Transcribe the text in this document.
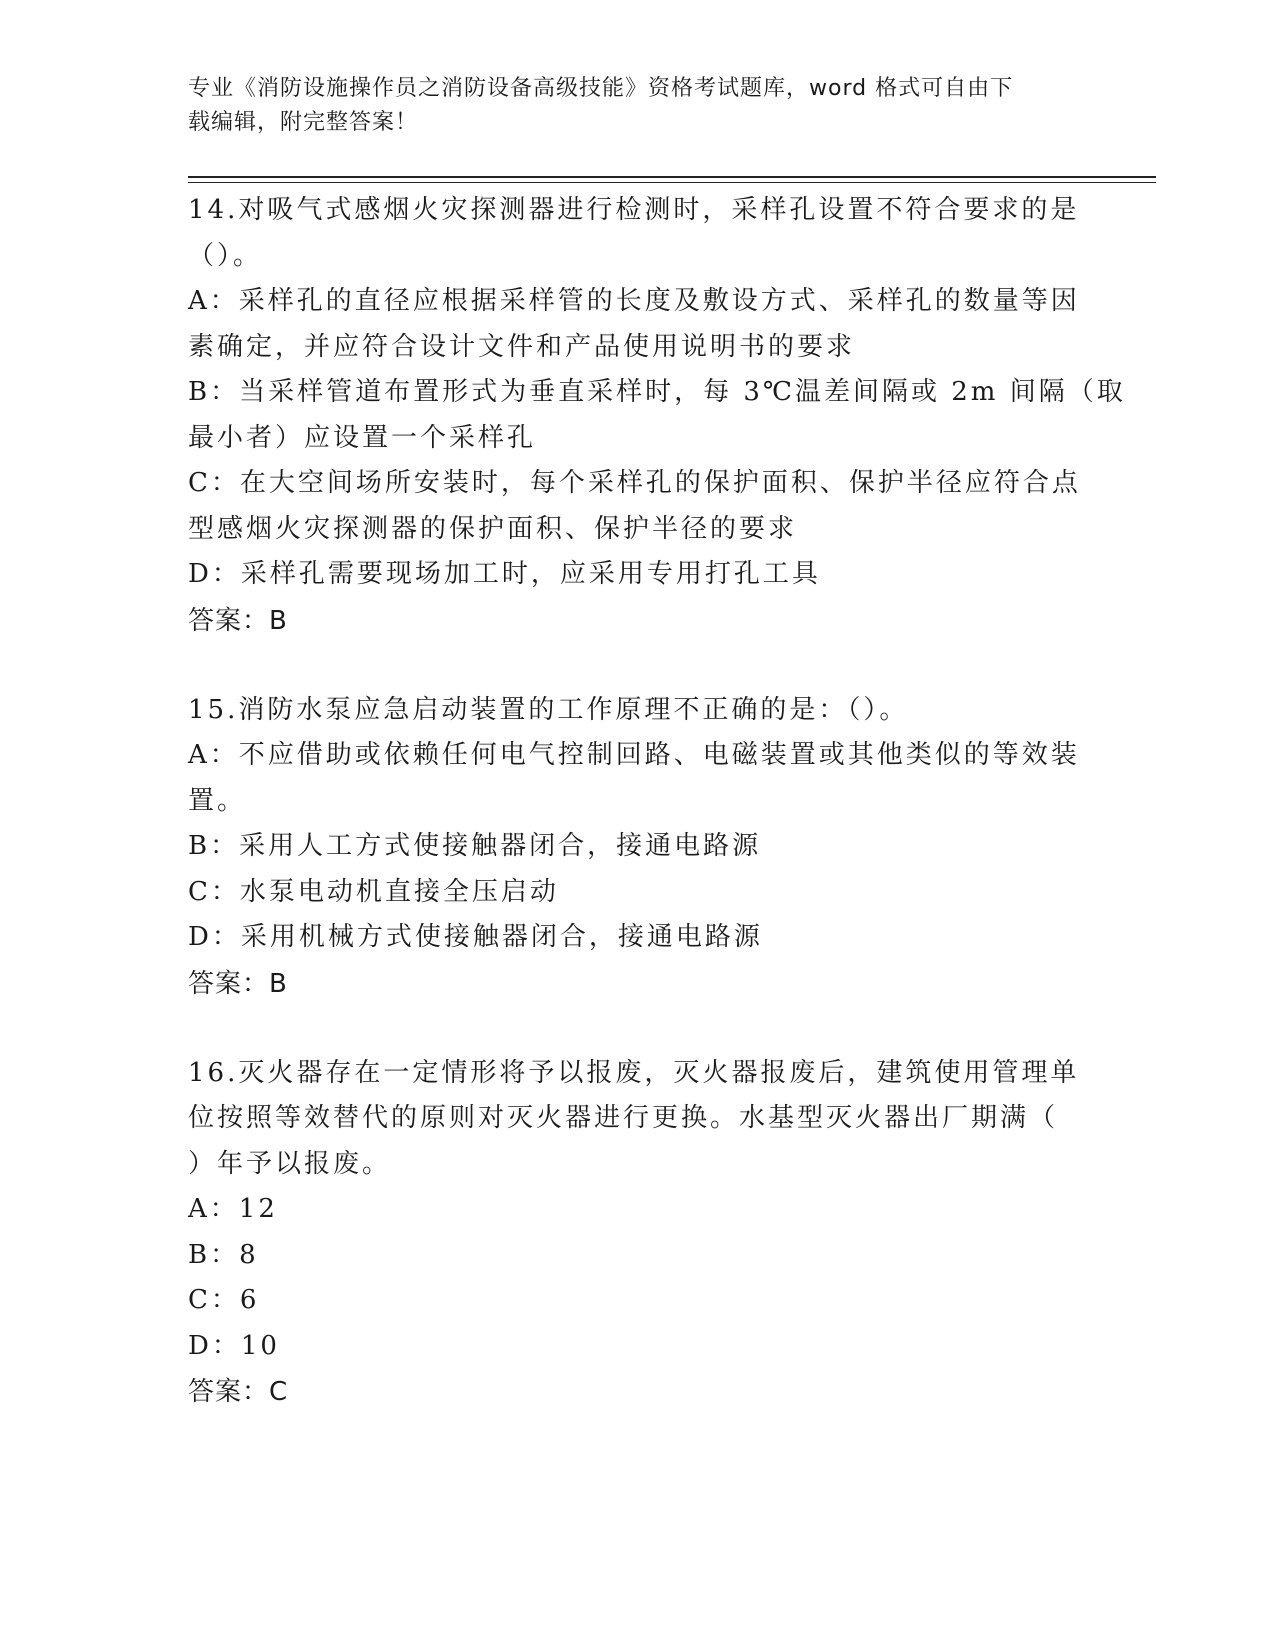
专业《消防设施操作员之消防设备高级技能》资格考试题库，word 格式可自由下
载编辑，附完整答案！
14.对吸气式感烟火灾探测器进行检测时，采样孔设置不符合要求的是
（）。
A：采样孔的直径应根据采样管的长度及敷设方式、采样孔的数量等因
素确定，并应符合设计文件和产品使用说明书的要求
B：当采样管道布置形式为垂直采样时，每 3℃温差间隔或 2m 间隔（取
最小者）应设置一个采样孔
C：在大空间场所安装时，每个采样孔的保护面积、保护半径应符合点
型感烟火灾探测器的保护面积、保护半径的要求
D：采样孔需要现场加工时，应采用专用打孔工具
答案：B
15.消防水泵应急启动装置的工作原理不正确的是：（）。
A：不应借助或依赖任何电气控制回路、电磁装置或其他类似的等效装
置。
B：采用人工方式使接触器闭合，接通电路源
C：水泵电动机直接全压启动
D：采用机械方式使接触器闭合，接通电路源
答案：B
16.灭火器存在一定情形将予以报废，灭火器报废后，建筑使用管理单
位按照等效替代的原则对灭火器进行更换。水基型灭火器出厂期满（
）年予以报废。
A：12
B：8
C：6
D：10
答案：C
